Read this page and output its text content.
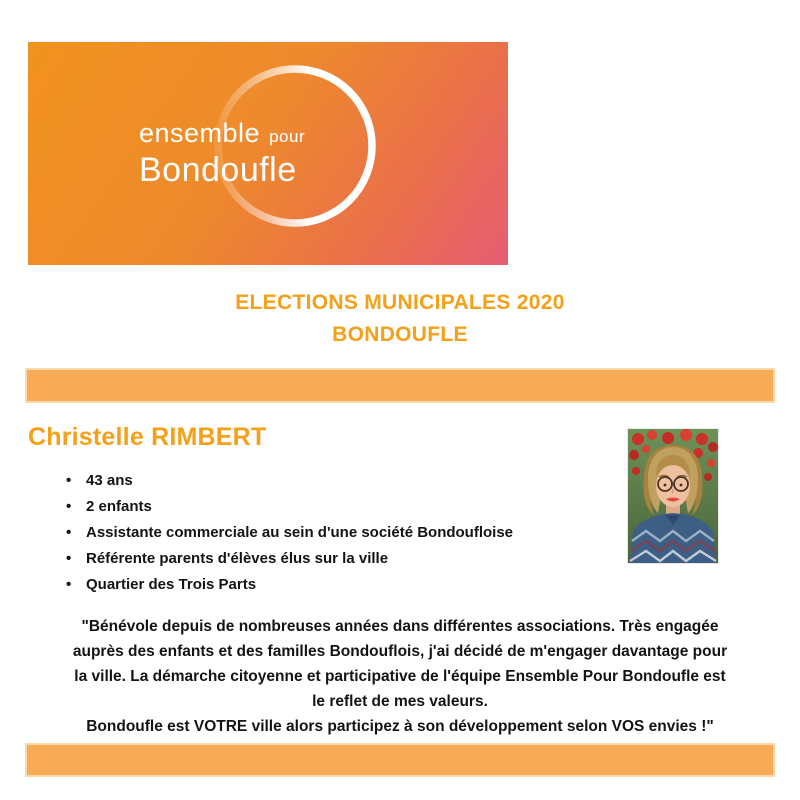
ensemble pour
Bondoufle
ELECTIONS MUNICIPALES 2020
BONDOUFLE
Christelle RIMBERT
• 43 ans
• 2 enfants
• Assistante commerciale au sein d'une société Bondoufloise
• Référente parents d'élèves élus sur la ville
• Quartier des Trois Parts
"Bénévole depuis de nombreuses années dans différentes associations. Très engagée
auprès des enfants et des familles Bondouflois, j'ai décidé de m'engager davantage pour
la ville. La démarche citoyenne et participative de l'équipe Ensemble Pour Bondoufle est
le reflet de mes valeurs.
Bondoufle est VOTRE ville alors participez à son développement selon VOS envies !"
